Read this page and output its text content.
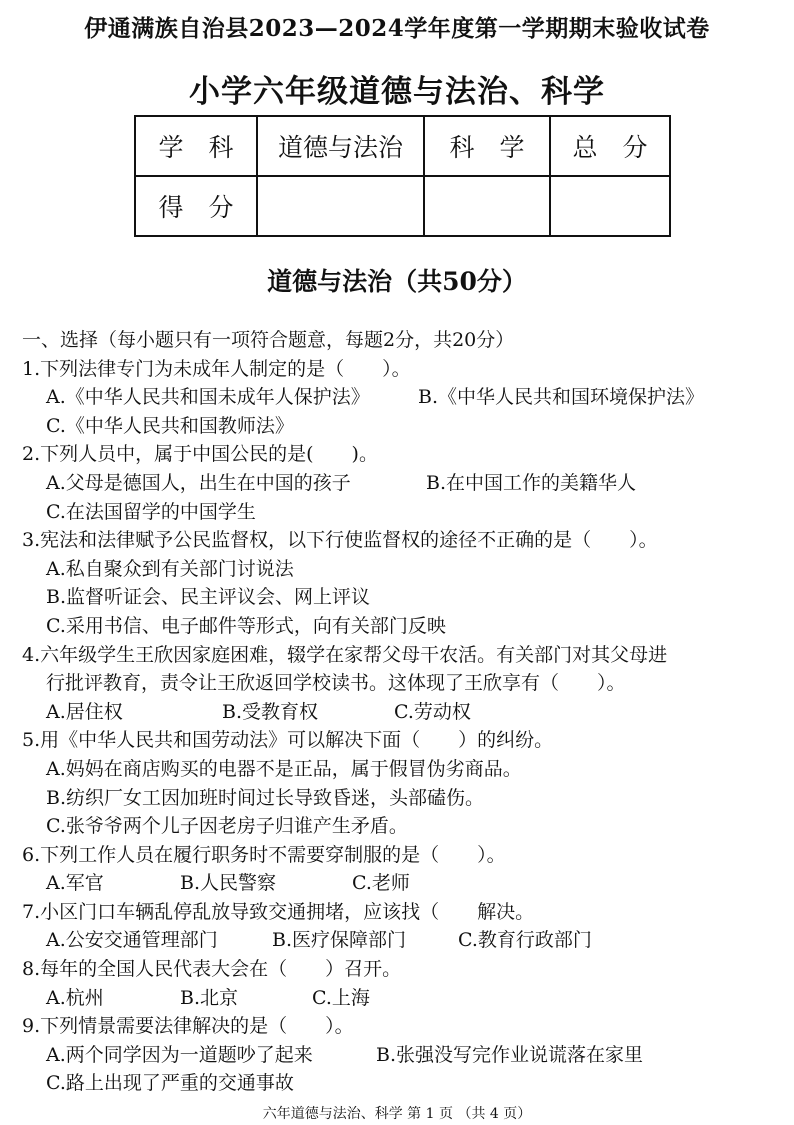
伊通满族自治县2023—2024学年度第一学期期末验收试卷
小学六年级道德与法治、科学
学　科	道德与法治	科　学	总　分
得　分			
道德与法治（共50分）
一、选择（每小题只有一项符合题意，每题2分，共20分）
1.下列法律专门为未成年人制定的是（　　）。
A.《中华人民共和国未成年人保护法》	B.《中华人民共和国环境保护法》
C.《中华人民共和国教师法》
2.下列人员中，属于中国公民的是(　　)。
A.父母是德国人，出生在中国的孩子	B.在中国工作的美籍华人
C.在法国留学的中国学生
3.宪法和法律赋予公民监督权，以下行使监督权的途径不正确的是（　　）。
A.私自聚众到有关部门讨说法
B.监督听证会、民主评议会、网上评议
C.采用书信、电子邮件等形式，向有关部门反映
4.六年级学生王欣因家庭困难，辍学在家帮父母干农活。有关部门对其父母进
行批评教育，责令让王欣返回学校读书。这体现了王欣享有（　　）。
A.居住权	B.受教育权	C.劳动权
5.用《中华人民共和国劳动法》可以解决下面（　　）的纠纷。
A.妈妈在商店购买的电器不是正品，属于假冒伪劣商品。
B.纺织厂女工因加班时间过长导致昏迷，头部磕伤。
C.张爷爷两个儿子因老房子归谁产生矛盾。
6.下列工作人员在履行职务时不需要穿制服的是（　　）。
A.军官	B.人民警察	C.老师
7.小区门口车辆乱停乱放导致交通拥堵，应该找（　　解决。
A.公安交通管理部门	B.医疗保障部门	C.教育行政部门
8.每年的全国人民代表大会在（　　）召开。
A.杭州	B.北京	C.上海
9.下列情景需要法律解决的是（　　）。
A.两个同学因为一道题吵了起来	B.张强没写完作业说谎落在家里
C.路上出现了严重的交通事故
六年道德与法治、科学 第 1 页 （共 4 页）
